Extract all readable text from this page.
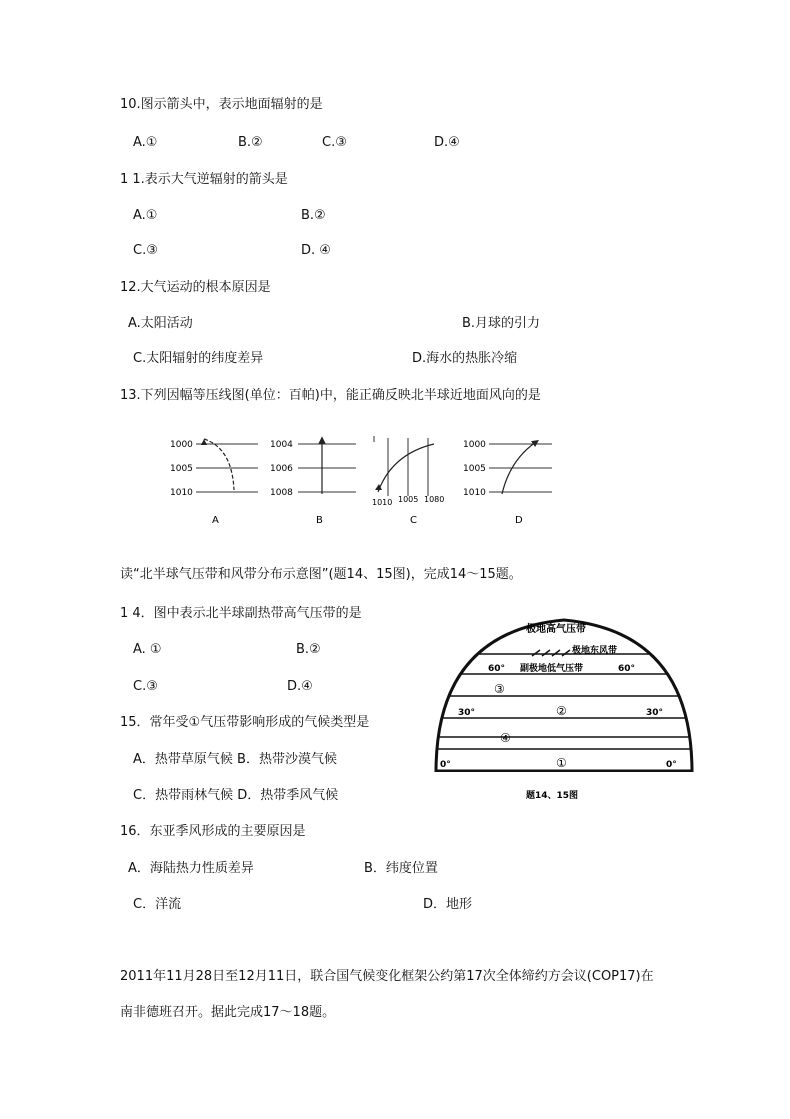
10.图示箭头中，表示地面辐射的是
A.①	B.②	C.③	D.④
1 1.表示大气逆辐射的箭头是
A.①	B.②
C.③	D. ④
12.大气运动的根本原因是
A.太阳活动	B.月球的引力
C.太阳辐射的纬度差异	D.海水的热胀冷缩
13.下列因幅等压线图(单位：百帕)中，能正确反映北半球近地面风向的是
1000
1005
1010
A
1004
1006
1008
B
1010 1005 1080
C
1000
1005
1010
D
读“北半球气压带和风带分布示意图”(题14、15图)，完成14～15题。
1 4．图中表示北半球副热带高气压带的是
A. ①	B.②
C.③	D.④
15．常年受①气压带影响形成的气候类型是
A．热带草原气候 B．热带沙漠气候
C．热带雨林气候 D．热带季风气候
16．东亚季风形成的主要原因是
A．海陆热力性质差异	B．纬度位置
C．洋流	D．地形
2011年11月28日至12月11日，联合国气候变化框架公约第17次全体缔约方会议(COP17)在
南非德班召开。据此完成17～18题。
极地高气压带
极地东风带
60° 副极地低气压带	60°
③
30°	②	30°
④
0°	①	0°
题14、15图
